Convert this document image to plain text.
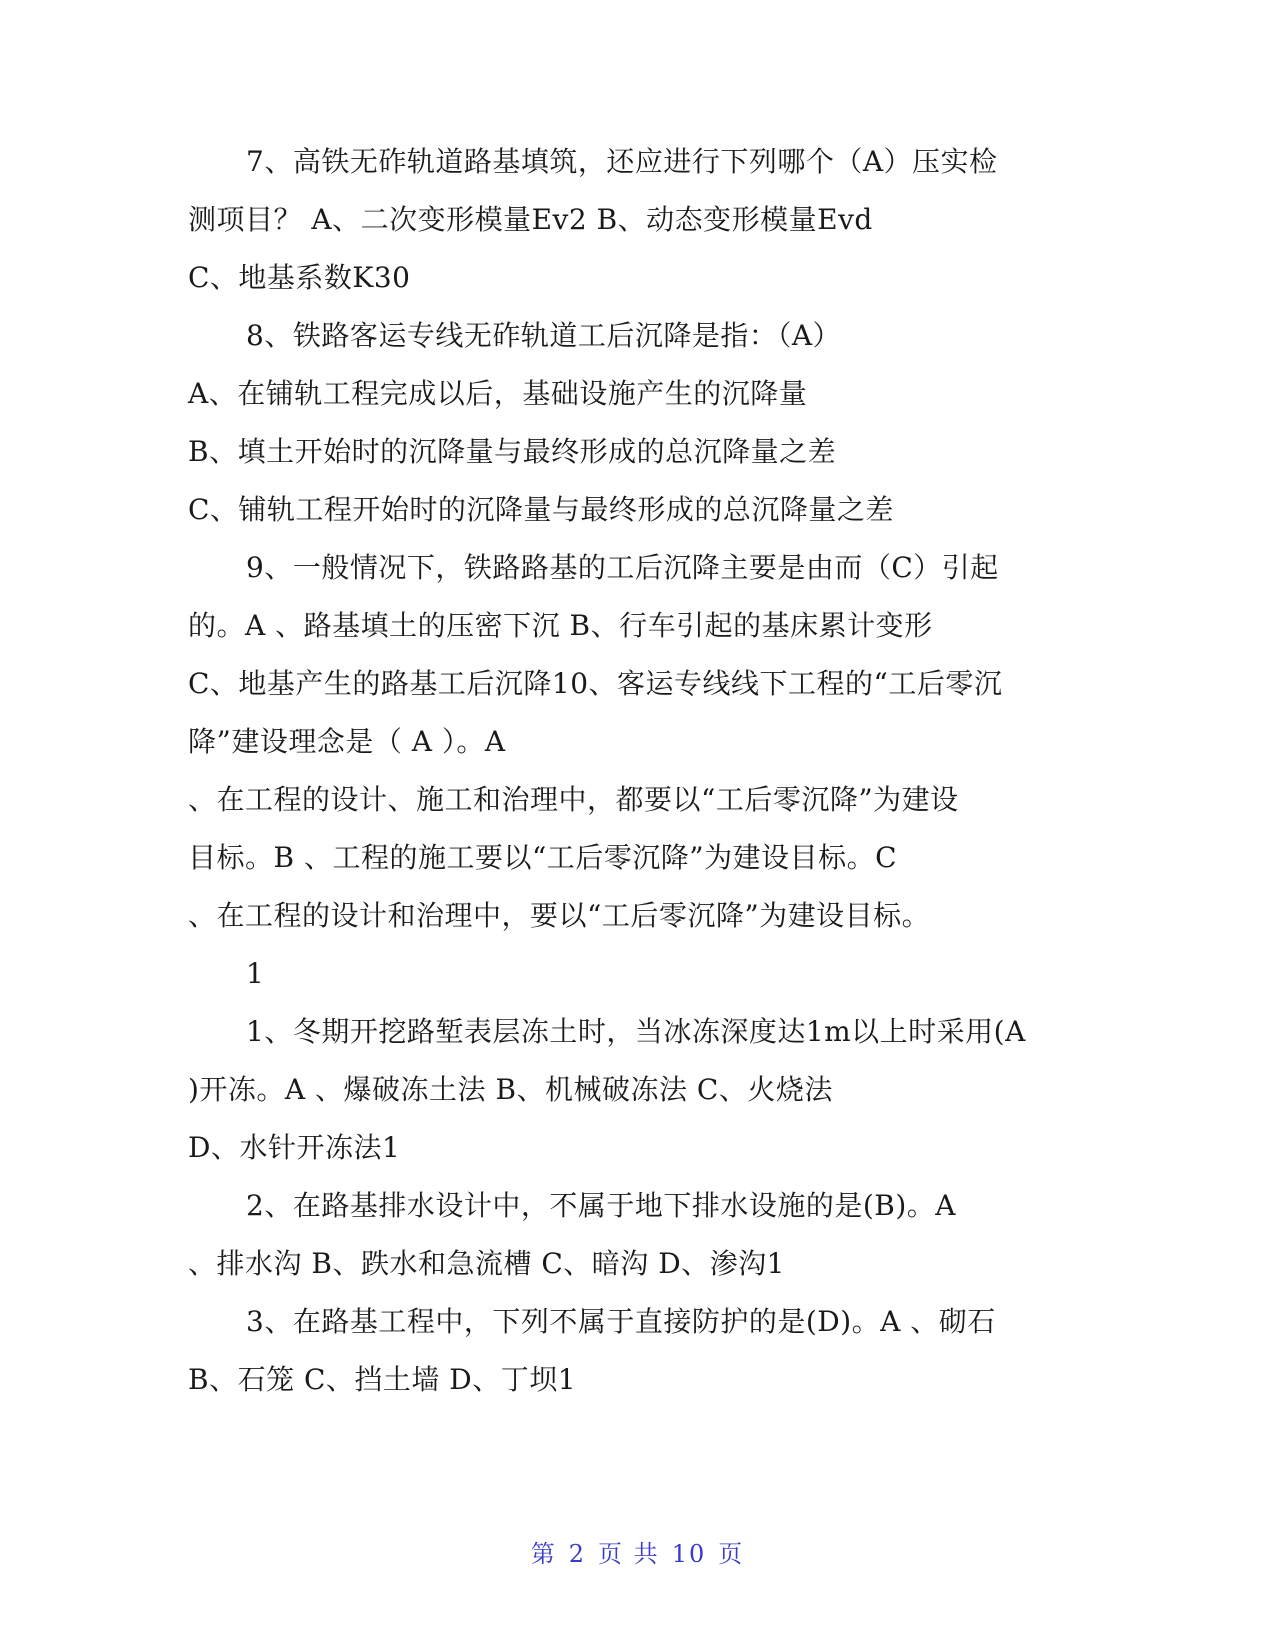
7、高铁无砟轨道路基填筑，还应进行下列哪个（A）压实检
测项目？ A、二次变形模量Ev2 B、动态变形模量Evd
C、地基系数K30
8、铁路客运专线无砟轨道工后沉降是指：（A）
A、在铺轨工程完成以后，基础设施产生的沉降量
B、填土开始时的沉降量与最终形成的总沉降量之差
C、铺轨工程开始时的沉降量与最终形成的总沉降量之差
9、一般情况下，铁路路基的工后沉降主要是由而（C）引起
的。A 、路基填土的压密下沉 B、行车引起的基床累计变形
C、地基产生的路基工后沉降10、客运专线线下工程的“工后零沉
降”建设理念是（ A ）。A
、在工程的设计、施工和治理中，都要以“工后零沉降”为建设
目标。B 、工程的施工要以“工后零沉降”为建设目标。C
、在工程的设计和治理中，要以“工后零沉降”为建设目标。
1
1、冬期开挖路堑表层冻土时，当冰冻深度达1m以上时采用(A
)开冻。A 、爆破冻土法 B、机械破冻法 C、火烧法
D、水针开冻法1
2、在路基排水设计中，不属于地下排水设施的是(B)。A
、排水沟 B、跌水和急流槽 C、暗沟 D、渗沟1
3、在路基工程中，下列不属于直接防护的是(D)。A 、砌石
B、石笼 C、挡土墙 D、丁坝1
第 2 页 共 10 页
